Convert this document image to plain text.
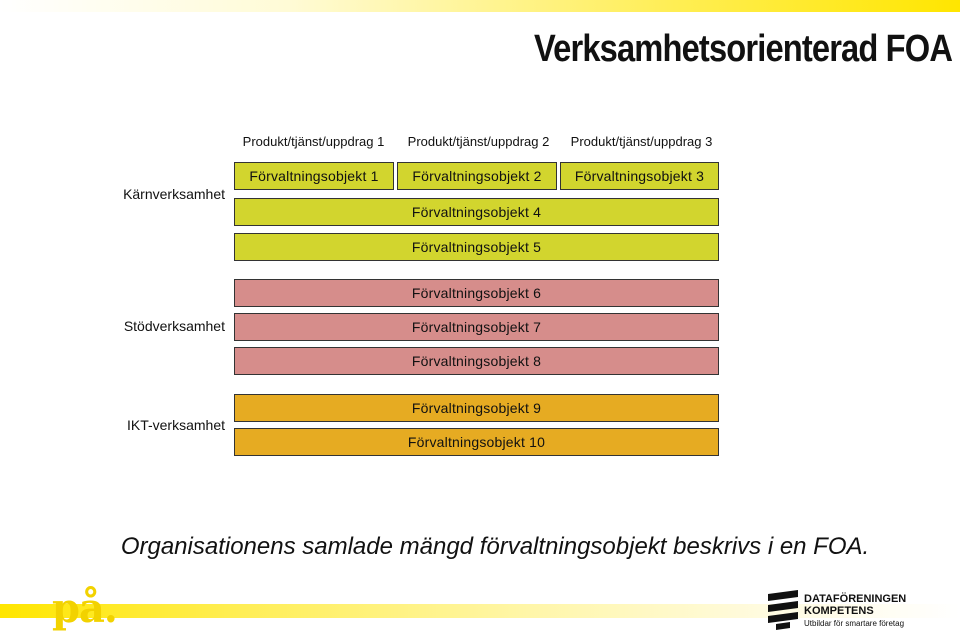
Verksamhetsorienterad FOA
Produkt/tjänst/uppdrag 1	Produkt/tjänst/uppdrag 2	Produkt/tjänst/uppdrag 3
Kärnverksamhet
Stödverksamhet
IKT-verksamhet
Förvaltningsobjekt 1	Förvaltningsobjekt 2	Förvaltningsobjekt 3
Förvaltningsobjekt 4
Förvaltningsobjekt 5
Förvaltningsobjekt 6
Förvaltningsobjekt 7
Förvaltningsobjekt 8
Förvaltningsobjekt 9
Förvaltningsobjekt 10
Organisationens samlade mängd förvaltningsobjekt beskrivs i en FOA.
på.	DATAFÖRENINGEN
KOMPETENS
Utbildar för smartare företag
